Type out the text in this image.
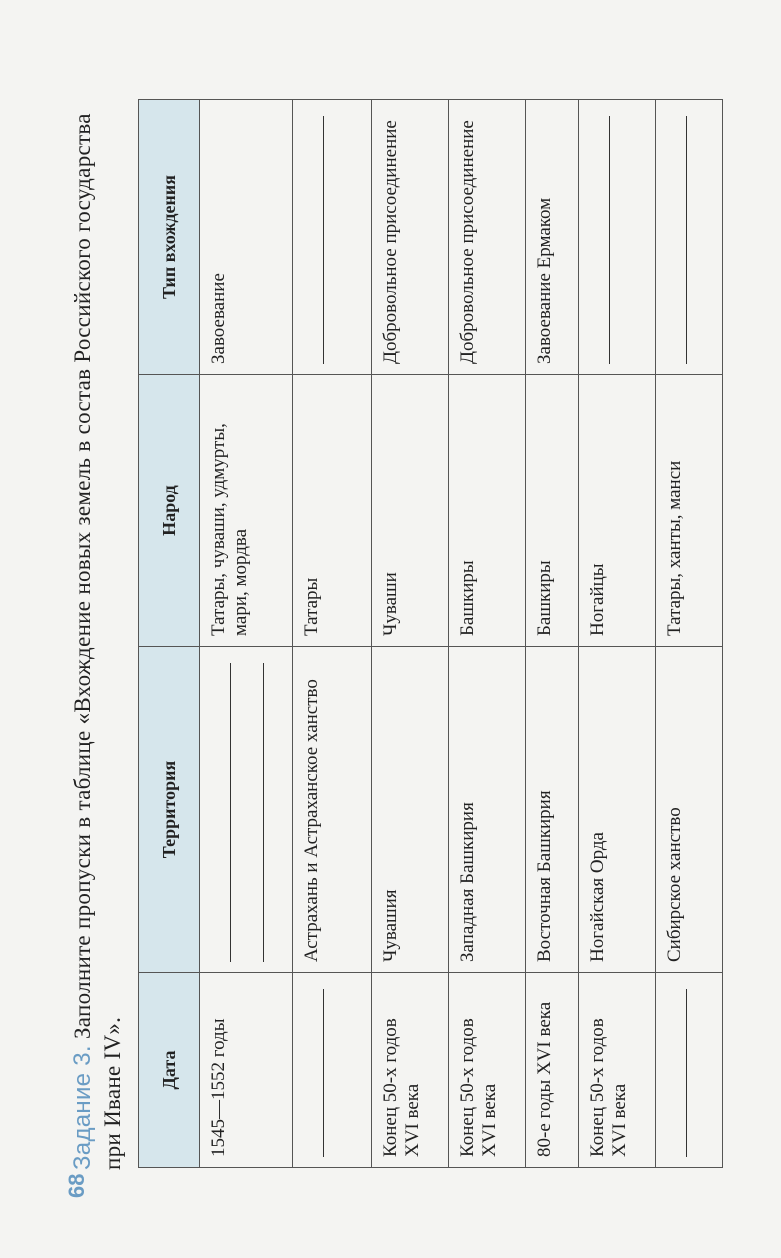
68
Задание 3. Заполните пропуски в таблице «Вхождение новых земель в состав Российского государства при Иване IV». Дата	Территория	Народ	Тип вхождения
1545—1552 годы		Татары, чуваши, удмурты, мари, мордва	Завоевание

	Астрахань и Астраханское ханство	Татары	

Конец 50-х годов XVI века	Чувашия	Чуваши	Добровольное присоединение
Конец 50-х годов XVI века	Западная Башкирия	Башкиры	Добровольное присоединение
80-е годы XVI века	Восточная Башкирия	Башкиры	Завоевание Ермаком
Конец 50-х годов XVI века	Ногайская Орда	Ногайцы	

	Сибирское ханство	Татары, ханты, манси	
